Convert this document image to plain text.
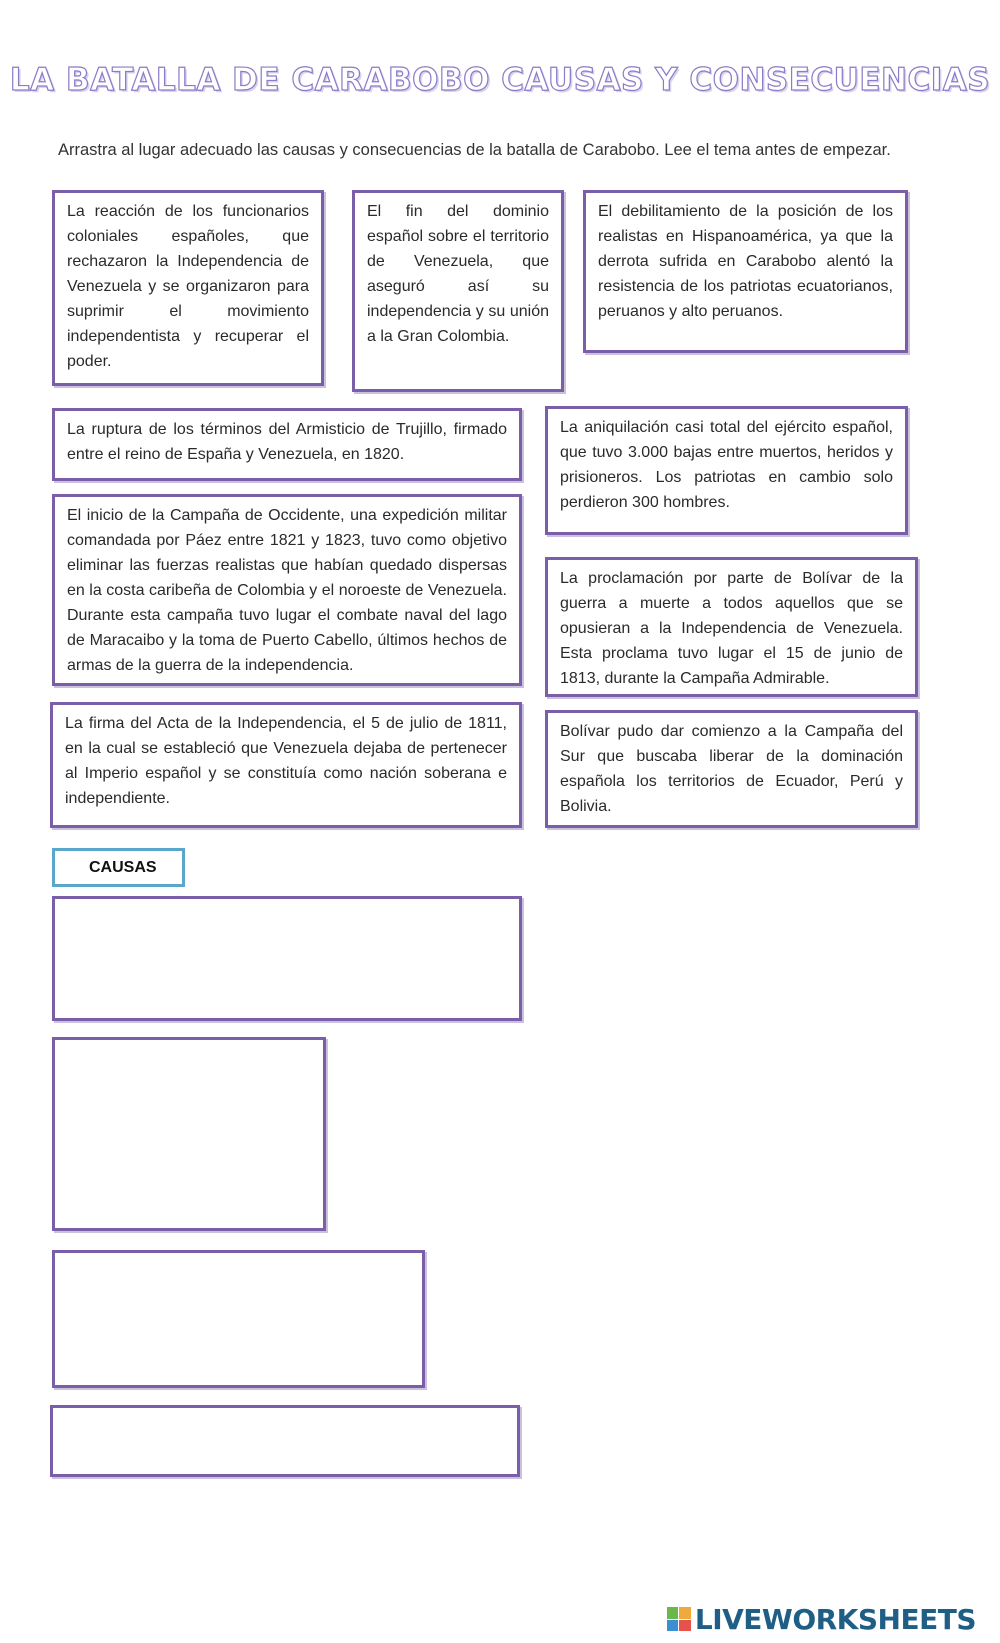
LA BATALLA DE CARABOBO CAUSAS Y CONSECUENCIAS
Arrastra al lugar adecuado las causas y consecuencias de la batalla de Carabobo. Lee el tema antes de empezar.
La reacción de los funcionarios coloniales españoles, que rechazaron la Independencia de Venezuela y se organizaron para suprimir el movimiento independentista y recuperar el poder.
El fin del dominio español sobre el territorio de Venezuela, que aseguró así su independencia y su unión a la Gran Colombia.
El debilitamiento de la posición de los realistas en Hispanoamérica, ya que la derrota sufrida en Carabobo alentó la resistencia de los patriotas ecuatorianos, peruanos y alto peruanos.
La ruptura de los términos del Armisticio de Trujillo, firmado entre el reino de España y Venezuela, en 1820.
La aniquilación casi total del ejército español, que tuvo 3.000 bajas entre muertos, heridos y prisioneros. Los patriotas en cambio solo perdieron 300 hombres.
El inicio de la Campaña de Occidente, una expedición militar comandada por Páez entre 1821 y 1823, tuvo como objetivo eliminar las fuerzas realistas que habían quedado dispersas en la costa caribeña de Colombia y el noroeste de Venezuela. Durante esta campaña tuvo lugar el combate naval del lago de Maracaibo y la toma de Puerto Cabello, últimos hechos de armas de la guerra de la independencia.
La proclamación por parte de Bolívar de la guerra a muerte a todos aquellos que se opusieran a la Independencia de Venezuela. Esta proclama tuvo lugar el 15 de junio de 1813, durante la Campaña Admirable.
La firma del Acta de la Independencia, el 5 de julio de 1811, en la cual se estableció que Venezuela dejaba de pertenecer al Imperio español y se constituía como nación soberana e independiente.
Bolívar pudo dar comienzo a la Campaña del Sur que buscaba liberar de la dominación española los territorios de Ecuador, Perú y Bolivia.
CAUSAS
LIVEWORKSHEETS
